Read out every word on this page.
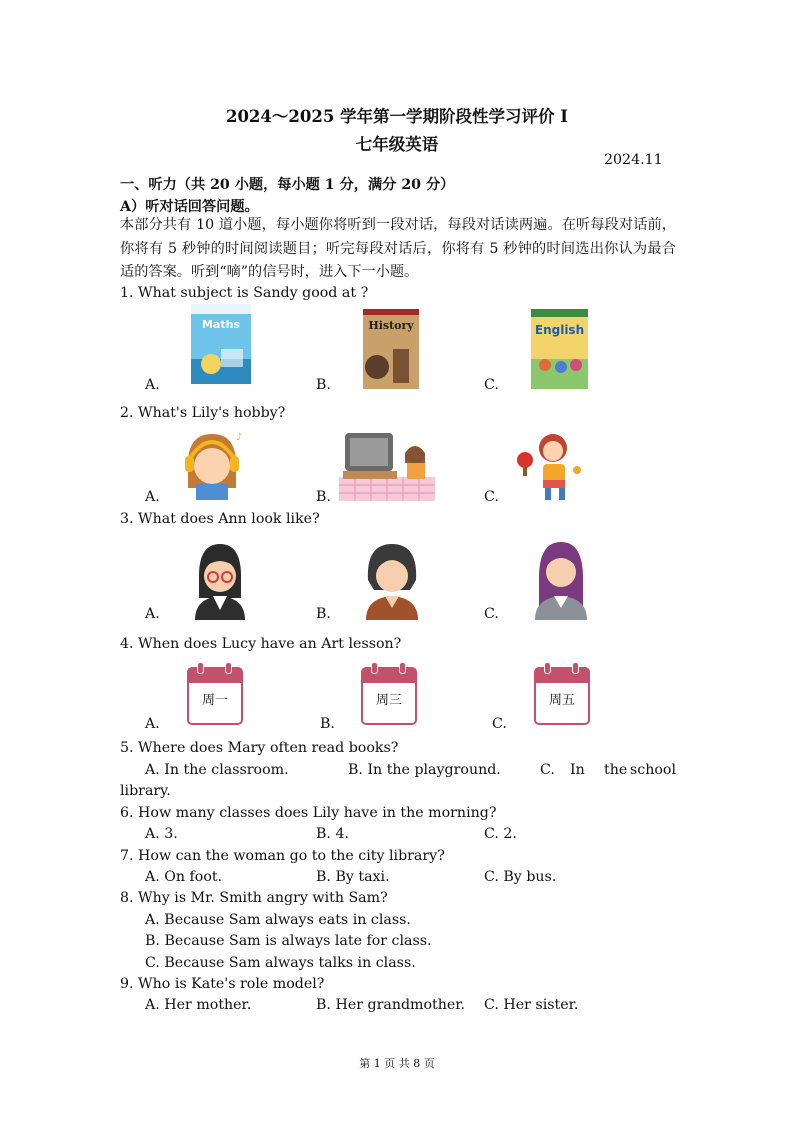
2024～2025 学年第一学期阶段性学习评价 I
七年级英语
2024.11
一、听力（共 20 小题，每小题 1 分，满分 20 分）
A）听对话回答问题。
本部分共有 10 道小题，每小题你将听到一段对话，每段对话读两遍。在听每段对话前，你将有 5 秒钟的时间阅读题目；听完每段对话后，你将有 5 秒钟的时间选出你认为最合适的答案。听到“嘀”的信号时，进入下一小题。
1. What subject is Sandy good at ?
A.	B.	C.
Maths	History	English
2. What's Lily's hobby?
A.	B.	C.
♪
3. What does Ann look like?
A.	B.	C.
4. When does Lucy have an Art lesson?
A.	B.	C.
周一	周三	周五
5. Where does Mary often read books?
A. In the classroom.	B. In the playground.	C. In the school
library.
6. How many classes does Lily have in the morning?
A. 3.	B. 4.	C. 2.
7. How can the woman go to the city library?
A. On foot.	B. By taxi.	C. By bus.
8. Why is Mr. Smith angry with Sam?
A. Because Sam always eats in class.
B. Because Sam is always late for class.
C. Because Sam always talks in class.
9. Who is Kate's role model?
A. Her mother.	B. Her grandmother. C. Her sister.
第 1 页 共 8 页
